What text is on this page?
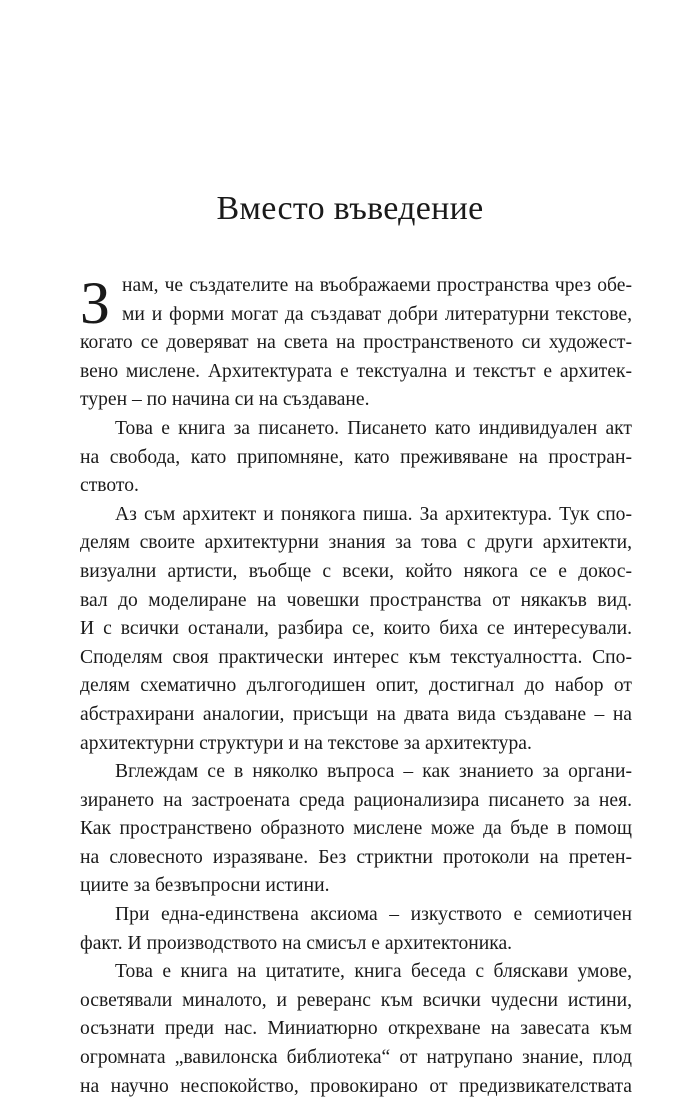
Вместо въведение
нам, че създателите на въображаеми пространства чрез обе-
З ми и форми могат да създават добри литературни текстове,
когато се доверяват на света на пространственото си художест-
вено мислене. Архитектурата е текстуална и текстът е архитек-
турен – по начина си на създаване.
Това е книга за писането. Писането като индивидуален акт
на свобода, като припомняне, като преживяване на простран-
ството.
Аз съм архитект и понякога пиша. За архитектура. Тук спо-
делям своите архитектурни знания за това с други архитекти,
визуални артисти, въобще с всеки, който някога се е докос-
вал до моделиране на човешки пространства от някакъв вид.
И с всички останали, разбира се, които биха се интересували.
Споделям своя практически интерес към текстуалността. Спо-
делям схематично дългогодишен опит, достигнал до набор от
абстрахирани аналогии, присъщи на двата вида създаване – на
архитектурни структури и на текстове за архитектура.
Вглеждам се в няколко въпроса – как знанието за органи-
зирането на застроената среда рационализира писането за нея.
Как пространствено образното мислене може да бъде в помощ
на словесното изразяване. Без стриктни протоколи на претен-
циите за безвъпросни истини.
При една-единствена аксиома – изкуството е семиотичен
факт. И производството на смисъл е архитектоника.
Това е книга на цитатите, книга беседа с бляскави умове,
осветявали миналото, и реверанс към всички чудесни истини,
осъзнати преди нас. Миниатюрно открехване на завесата към
огромната „вавилонска библиотека“ от натрупано знание, плод
на научно неспокойство, провокирано от предизвикателствата
